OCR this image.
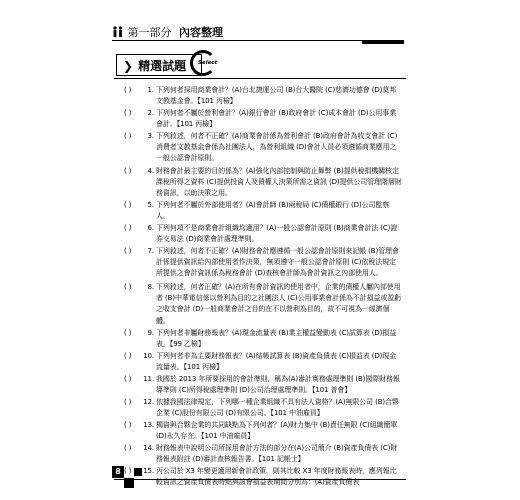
第一部分 內容整理
❯ 精選試題	Select
( )	1. 下列何者採用商業會計？(A)台北捷運公司 (B)台大醫院 (C)慈濟功德會 (D)莫邦文教基金會。【101 丙檢】
( )	2. 下列何者不屬於營利會計？(A)銀行會計 (B)政府會計 (C)成本會計 (D)公用事業會計。【101 丙檢】
( )	3. 下列敘述，何者不正確？(A)商業會計係為營利會計 (B)政府會計為收支會計 (C)消費者文教基金會係為社團法人，為營利組織 (D)會計人員必須遵循商業應用之一般公認會計原則。
( )	4. 財務會計最主要的目的係為？(A)強化內部控制與防止舞弊 (B)提供稅捐機關核定課稅所得之資料 (C)提供投資人及債權人決策所需之資訊 (D)提供公司管理階層財務資訊，以助決策之用。
( )	5. 下列何者不屬於外部使用者？(A)會計師 (B)兩稅局 (C)債權銀行 (D)公司監察人。
( )	6. 下列何項不是商業會計組織均適用？(A)一般公認會計原則 (B)商業會計法 (C)證券交易法 (D)商業會計處理準則。
( )	7. 下列敘述，何者不正確？(A)財務會計應遵循一般公認會計原則來記帳 (B)管理會計係提供資訊給內部使用者作決策，無須遵守一般公認會計原則 (C)依稅法規定所提供之會計資訊係為稅務會計 (D)查核會計師為會計資訊之內部使用人。
( )	8. 下列敘述，何者正確？(A)在所有會計資訊的使用者中，企業的債權人屬內部使用者 (B)中華電信係以營利為目的之社團法人 (C)公用事業會計係為不計損益或盈虧之收支會計 (D)一般商業會計之目的在不以營利為目的，故不可視為一經濟個體。
( )	9. 下列何者非屬財務報表？(A)現金流量表 (B)業主權益變動表 (C)試算表 (D)損益表。【99 乙檢】
( )	10. 下列何者非為主要財務報表？(A)結帳試算表 (B)資產負債表 (C)損益表 (D)現金流量表。【101 丙檢】
( )	11. 我國於 2013 年所要採用的會計準則，稱為(A)審計實務處理準則 (B)國際財務報導準則 (C)所得稅處理準則 (D)公司治理處理準則。【101 普會】
( )	12. 依據我國法律規定，下列哪一種企業組織不具有法人資格？(A)無限公司 (B)合夥企業 (C)股份有限公司 (D)有限公司。【101 中油雇員】
( )	13. 獨資與合夥企業的共同缺點為下列何者？(A)財力集中 (B)責任無限 (C)組織簡單 (D)永久存在。【101 中油雇員】
( )	14. 財務報表中說明公司所採用會計方法的部分在(A)公司簡介 (B)資產負債表 (C)財務報表附註 (D)審計查核報告書。【101 記帳士】
( )	15. 丙公司於 X3 年變更適用新會計政策，則其比較 X3 年度財務報表時，應列報比較資訊之資產負債表時點與該會損益表期間分別為：(A)資產負債表
8
